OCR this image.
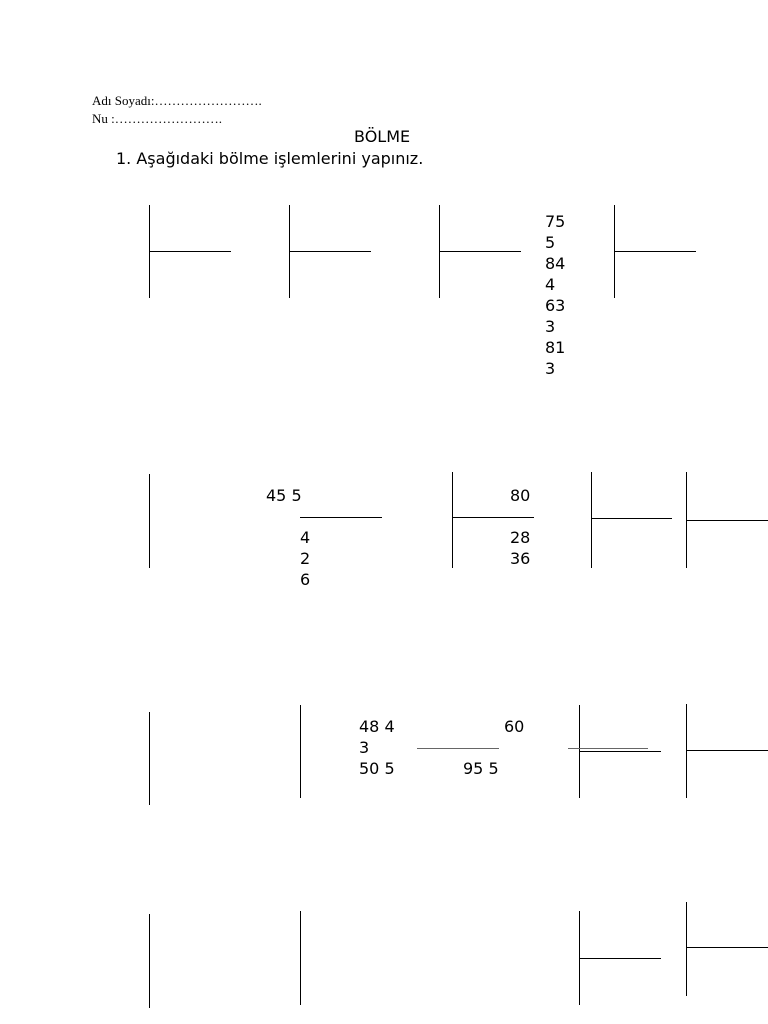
Adı Soyadı:…………………….
Nu :…………………….
BÖLME
1. Aşağıdaki bölme işlemlerini yapınız.
75
5
84
4
63
3
81
3
45 5
4
2
6
80
28
36
48 4
3
50 5
60
95 5
